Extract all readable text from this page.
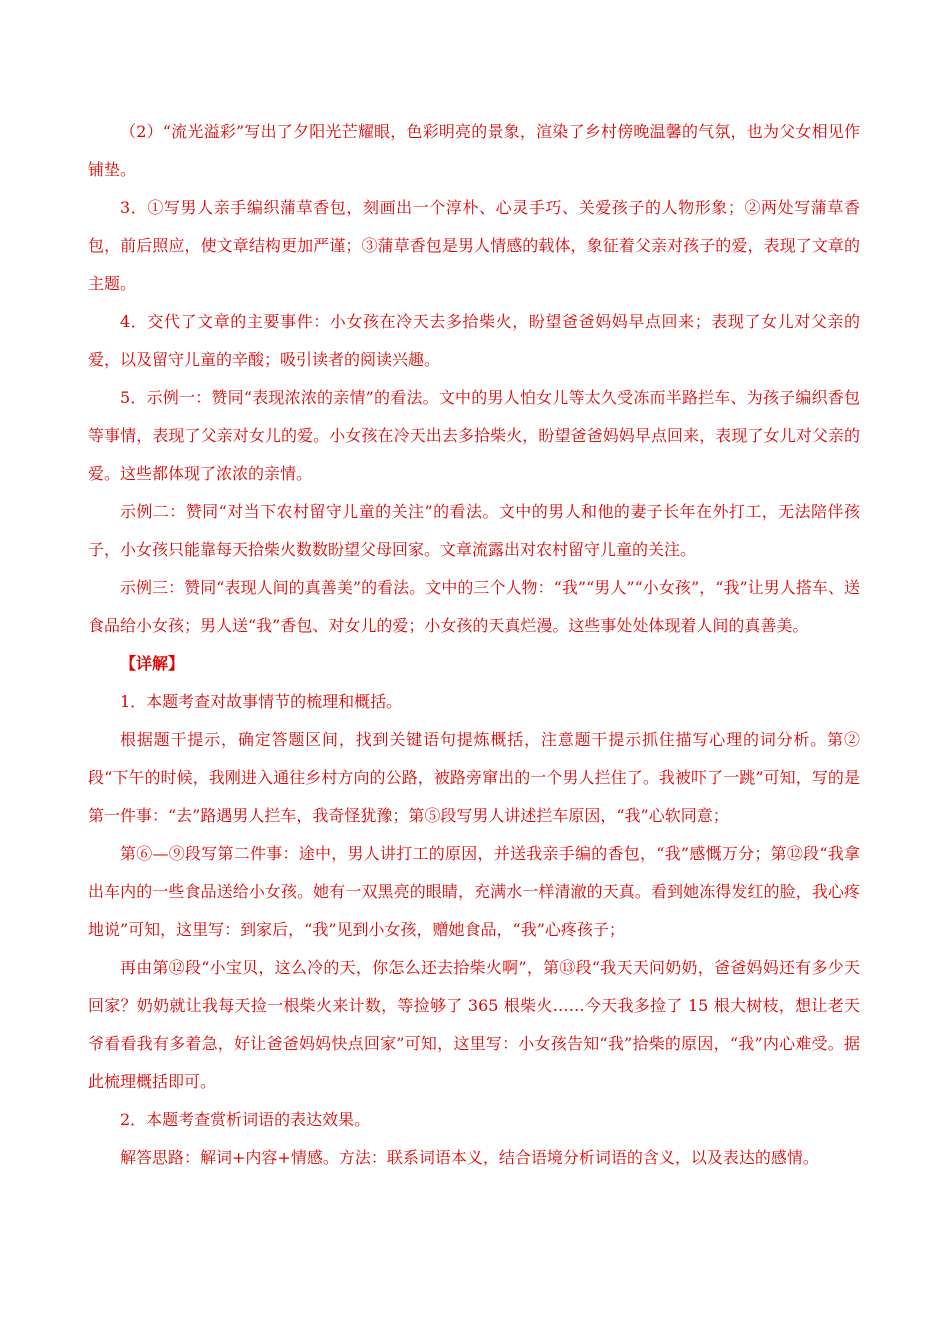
（2）“流光溢彩”写出了夕阳光芒耀眼，色彩明亮的景象，渲染了乡村傍晚温馨的气氛，也为父女相见作铺垫。

3．①写男人亲手编织蒲草香包，刻画出一个淳朴、心灵手巧、关爱孩子的人物形象；②两处写蒲草香包，前后照应，使文章结构更加严谨；③蒲草香包是男人情感的载体，象征着父亲对孩子的爱，表现了文章的主题。

4．交代了文章的主要事件：小女孩在冷天去多拾柴火，盼望爸爸妈妈早点回来；表现了女儿对父亲的爱，以及留守儿童的辛酸；吸引读者的阅读兴趣。

5．示例一：赞同“表现浓浓的亲情”的看法。文中的男人怕女儿等太久受冻而半路拦车、为孩子编织香包等事情，表现了父亲对女儿的爱。小女孩在冷天出去多拾柴火，盼望爸爸妈妈早点回来，表现了女儿对父亲的爱。这些都体现了浓浓的亲情。

示例二：赞同“对当下农村留守儿童的关注”的看法。文中的男人和他的妻子长年在外打工，无法陪伴孩子，小女孩只能靠每天拾柴火数数盼望父母回家。文章流露出对农村留守儿童的关注。

示例三：赞同“表现人间的真善美”的看法。文中的三个人物：“我”“男人”“小女孩”，“我”让男人搭车、送食品给小女孩；男人送“我”香包、对女儿的爱；小女孩的天真烂漫。这些事处处体现着人间的真善美。

【详解】

1．本题考查对故事情节的梳理和概括。

根据题干提示，确定答题区间，找到关键语句提炼概括，注意题干提示抓住描写心理的词分析。第②段“下午的时候，我刚进入通往乡村方向的公路，被路旁窜出的一个男人拦住了。我被吓了一跳”可知，写的是第一件事：“去”路遇男人拦车，我奇怪犹豫；第⑤段写男人讲述拦车原因，“我”心软同意；

第⑥—⑨段写第二件事：途中，男人讲打工的原因，并送我亲手编的香包，“我”感慨万分；第⑫段“我拿出车内的一些食品送给小女孩。她有一双黑亮的眼睛，充满水一样清澈的天真。看到她冻得发红的脸，我心疼地说”可知，这里写：到家后，“我”见到小女孩，赠她食品，“我”心疼孩子；

再由第⑫段“小宝贝，这么冷的天，你怎么还去拾柴火啊”，第⑬段“我天天问奶奶，爸爸妈妈还有多少天回家？奶奶就让我每天捡一根柴火来计数，等捡够了 365 根柴火……今天我多捡了 15 根大树枝，想让老天爷看看我有多着急，好让爸爸妈妈快点回家”可知，这里写：小女孩告知“我”拾柴的原因，“我”内心难受。据此梳理概括即可。

2．本题考查赏析词语的表达效果。

解答思路：解词+内容+情感。方法：联系词语本义，结合语境分析词语的含义，以及表达的感情。
